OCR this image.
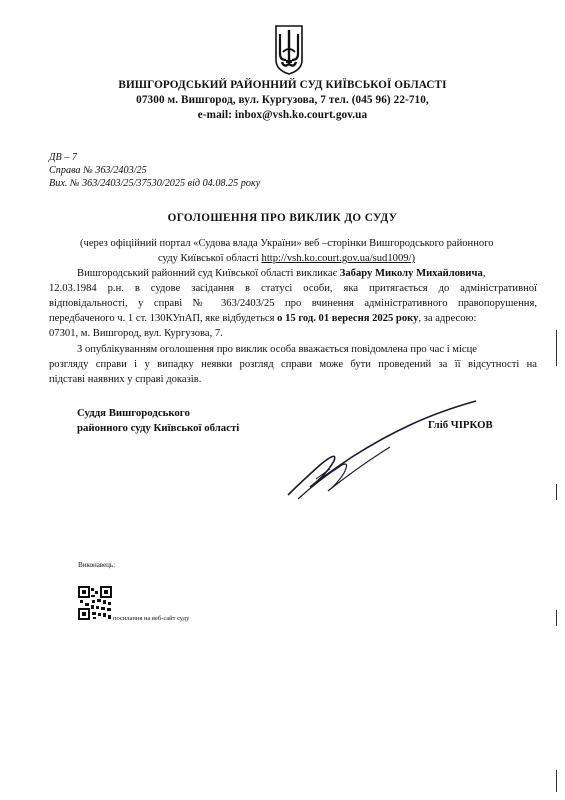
ВИШГОРОДСЬКИЙ РАЙОННИЙ СУД КИЇВСЬКОЇ ОБЛАСТІ
07300 м. Вишгород, вул. Кургузова, 7 тел. (045 96) 22-710,
e-mail: inbox@vsh.ko.court.gov.ua
ДВ – 7
Справа № 363/2403/25
Вих. № 363/2403/25/37530/2025 від 04.08.25 року
ОГОЛОШЕННЯ ПРО ВИКЛИК ДО СУДУ
(через офіційний портал «Судова влада України» веб –сторінки Вишгородського районного
суду Київської області http://vsh.ko.court.gov.ua/sud1009/)
Вишгородський районний суд Київської області викликає Забару Миколу Михайловича,
12.03.1984 р.н. в судове засідання в статусі особи, яка притягається до адміністративної
відповідальності, у справі № 363/2403/25 про вчинення адміністративного правопорушення,
передбаченого ч. 1 ст. 130КУпАП, яке відбудеться о 15 год. 01 вересня 2025 року, за адресою:
07301, м. Вишгород, вул. Кургузова, 7.
З опублікуванням оголошення про виклик особа вважається повідомлена про час і місце
розгляду справи і у випадку неявки розгляд справи може бути проведений за її відсутності на
підставі наявних у справі доказів.
Суддя Вишгородського
районного суду Київської області	Гліб ЧІРКОВ
Виконавець:
посилання на веб-сайт суду
